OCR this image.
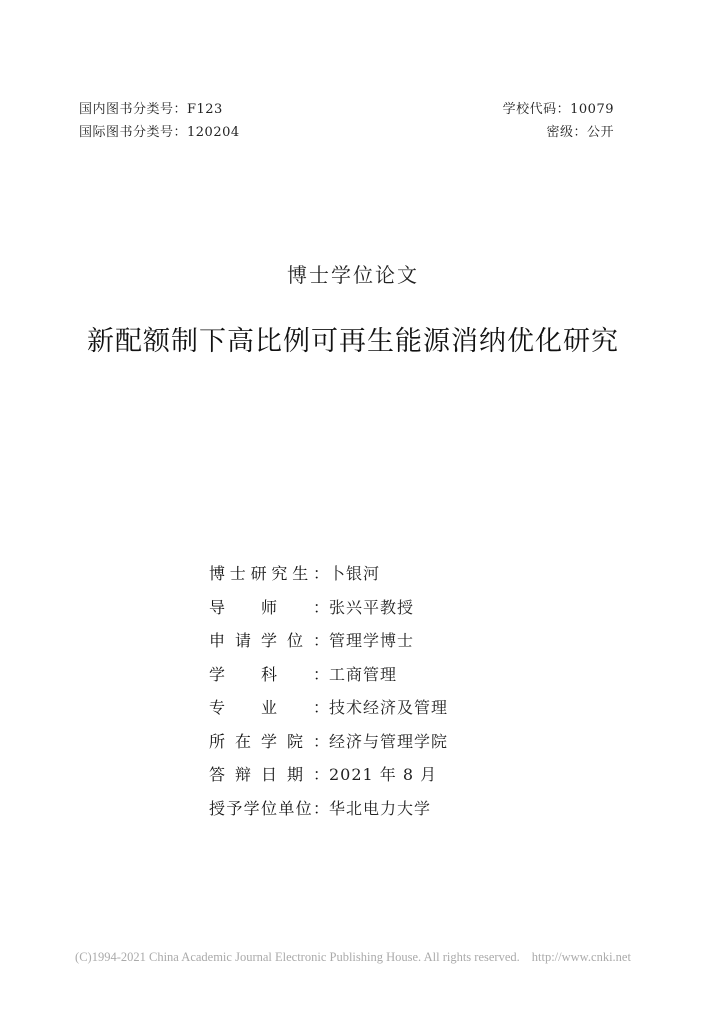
国内图书分类号：F123
国际图书分类号：120204
学校代码：10079
密级：公开
博士学位论文
新配额制下高比例可再生能源消纳优化研究
博士研究生： 卜银河
导师： 张兴平教授
申请学位： 管理学博士
学科： 工商管理
专业： 技术经济及管理
所在学院： 经济与管理学院
答辩日期： 2021 年 8 月
授予学位单位： 华北电力大学
(C)1994-2021 China Academic Journal Electronic Publishing House. All rights reserved. http://www.cnki.net
